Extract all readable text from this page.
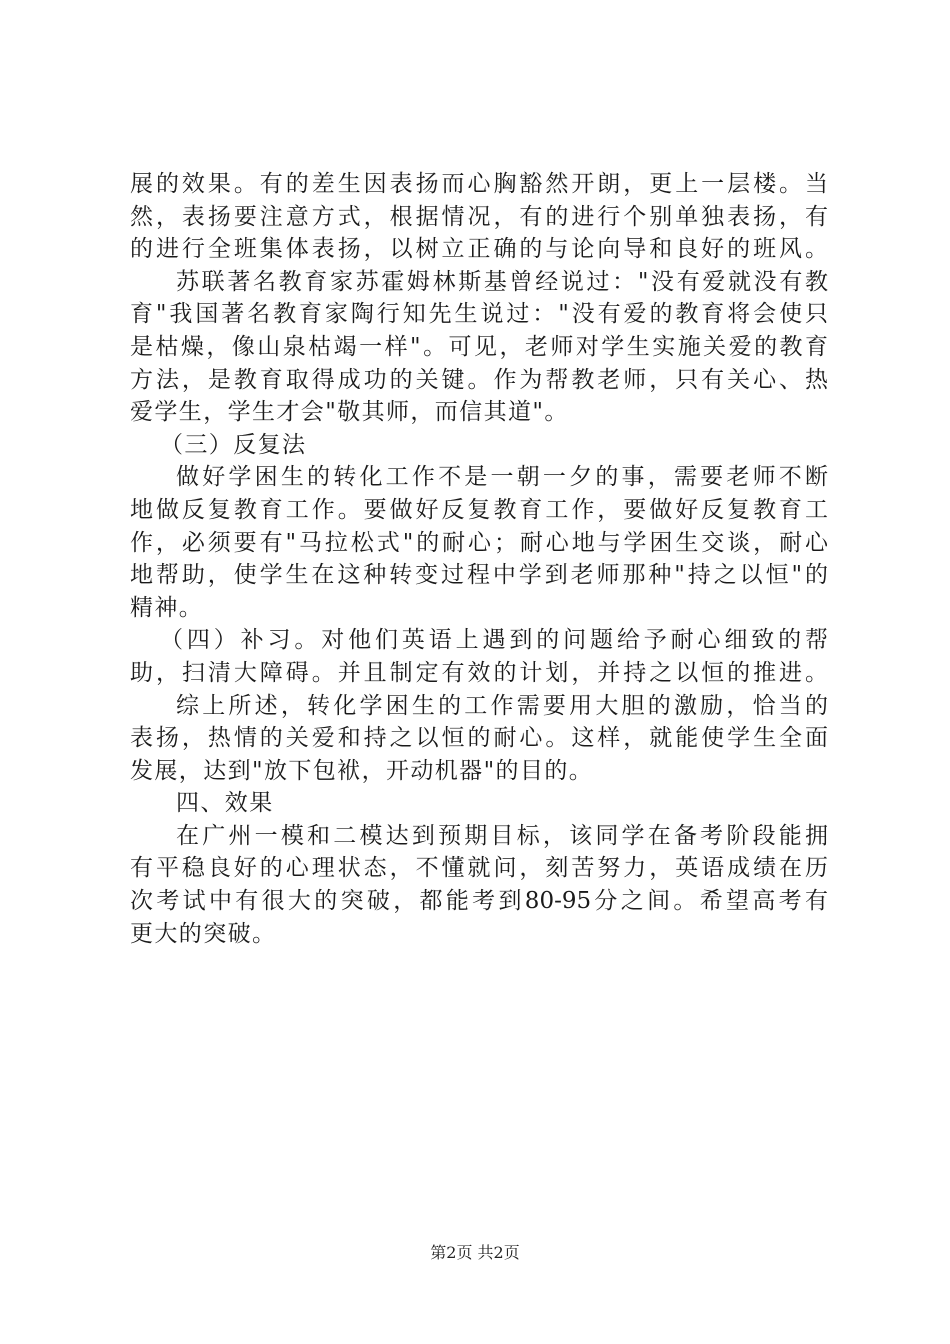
展的效果。有的差生因表扬而心胸豁然开朗，更上一层楼。当
然，表扬要注意方式，根据情况，有的进行个别单独表扬，有
的进行全班集体表扬，以树立正确的与论向导和良好的班风。
苏联著名教育家苏霍姆林斯基曾经说过："没有爱就没有教
育"我国著名教育家陶行知先生说过："没有爱的教育将会使只
是枯燥，像山泉枯竭一样"。可见，老师对学生实施关爱的教育
方法，是教育取得成功的关键。作为帮教老师，只有关心、热
爱学生，学生才会"敬其师，而信其道"。
（三）反复法
做好学困生的转化工作不是一朝一夕的事，需要老师不断
地做反复教育工作。要做好反复教育工作，要做好反复教育工
作，必须要有"马拉松式"的耐心；耐心地与学困生交谈，耐心
地帮助，使学生在这种转变过程中学到老师那种"持之以恒"的
精神。
（四）补习。对他们英语上遇到的问题给予耐心细致的帮
助，扫清大障碍。并且制定有效的计划，并持之以恒的推进。
综上所述，转化学困生的工作需要用大胆的激励，恰当的
表扬，热情的关爱和持之以恒的耐心。这样，就能使学生全面
发展，达到"放下包袱，开动机器"的目的。
四、效果
在广州一模和二模达到预期目标，该同学在备考阶段能拥
有平稳良好的心理状态，不懂就问，刻苦努力，英语成绩在历
次考试中有很大的突破，都能考到80-95分之间。希望高考有
更大的突破。
第2页 共2页
